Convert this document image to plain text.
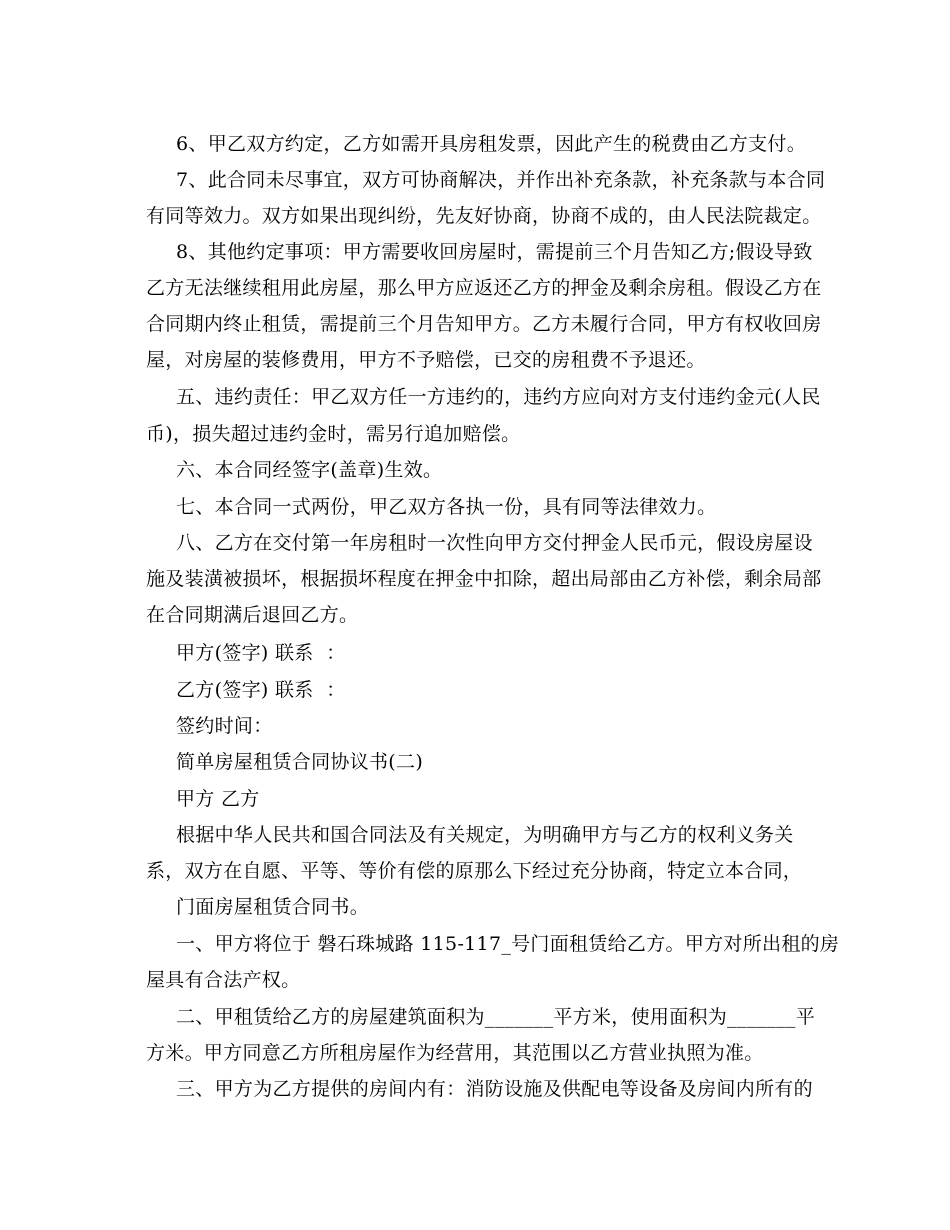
6、甲乙双方约定，乙方如需开具房租发票，因此产生的税费由乙方支付。
7、此合同未尽事宜，双方可协商解决，并作出补充条款，补充条款与本合同
有同等效力。双方如果出现纠纷，先友好协商，协商不成的，由人民法院裁定。
8、其他约定事项：甲方需要收回房屋时，需提前三个月告知乙方;假设导致
乙方无法继续租用此房屋，那么甲方应返还乙方的押金及剩余房租。假设乙方在
合同期内终止租赁，需提前三个月告知甲方。乙方未履行合同，甲方有权收回房
屋，对房屋的装修费用，甲方不予赔偿，已交的房租费不予退还。
五、违约责任：甲乙双方任一方违约的，违约方应向对方支付违约金元(人民
币)，损失超过违约金时，需另行追加赔偿。
六、本合同经签字(盖章)生效。
七、本合同一式两份，甲乙双方各执一份，具有同等法律效力。
八、乙方在交付第一年房租时一次性向甲方交付押金人民币元，假设房屋设
施及装潢被损坏，根据损坏程度在押金中扣除，超出局部由乙方补偿，剩余局部
在合同期满后退回乙方。
甲方(签字) 联系  ：
乙方(签字) 联系  ：
签约时间：
简单房屋租赁合同协议书(二)
甲方 乙方
根据中华人民共和国合同法及有关规定，为明确甲方与乙方的权利义务关
系，双方在自愿、平等、等价有偿的原那么下经过充分协商，特定立本合同，
门面房屋租赁合同书。
一、甲方将位于 磐石珠城路 115-117_号门面租赁给乙方。甲方对所出租的房
屋具有合法产权。
二、甲租赁给乙方的房屋建筑面积为_______平方米，使用面积为_______平
方米。甲方同意乙方所租房屋作为经营用，其范围以乙方营业执照为准。
三、甲方为乙方提供的房间内有：消防设施及供配电等设备及房间内所有的
